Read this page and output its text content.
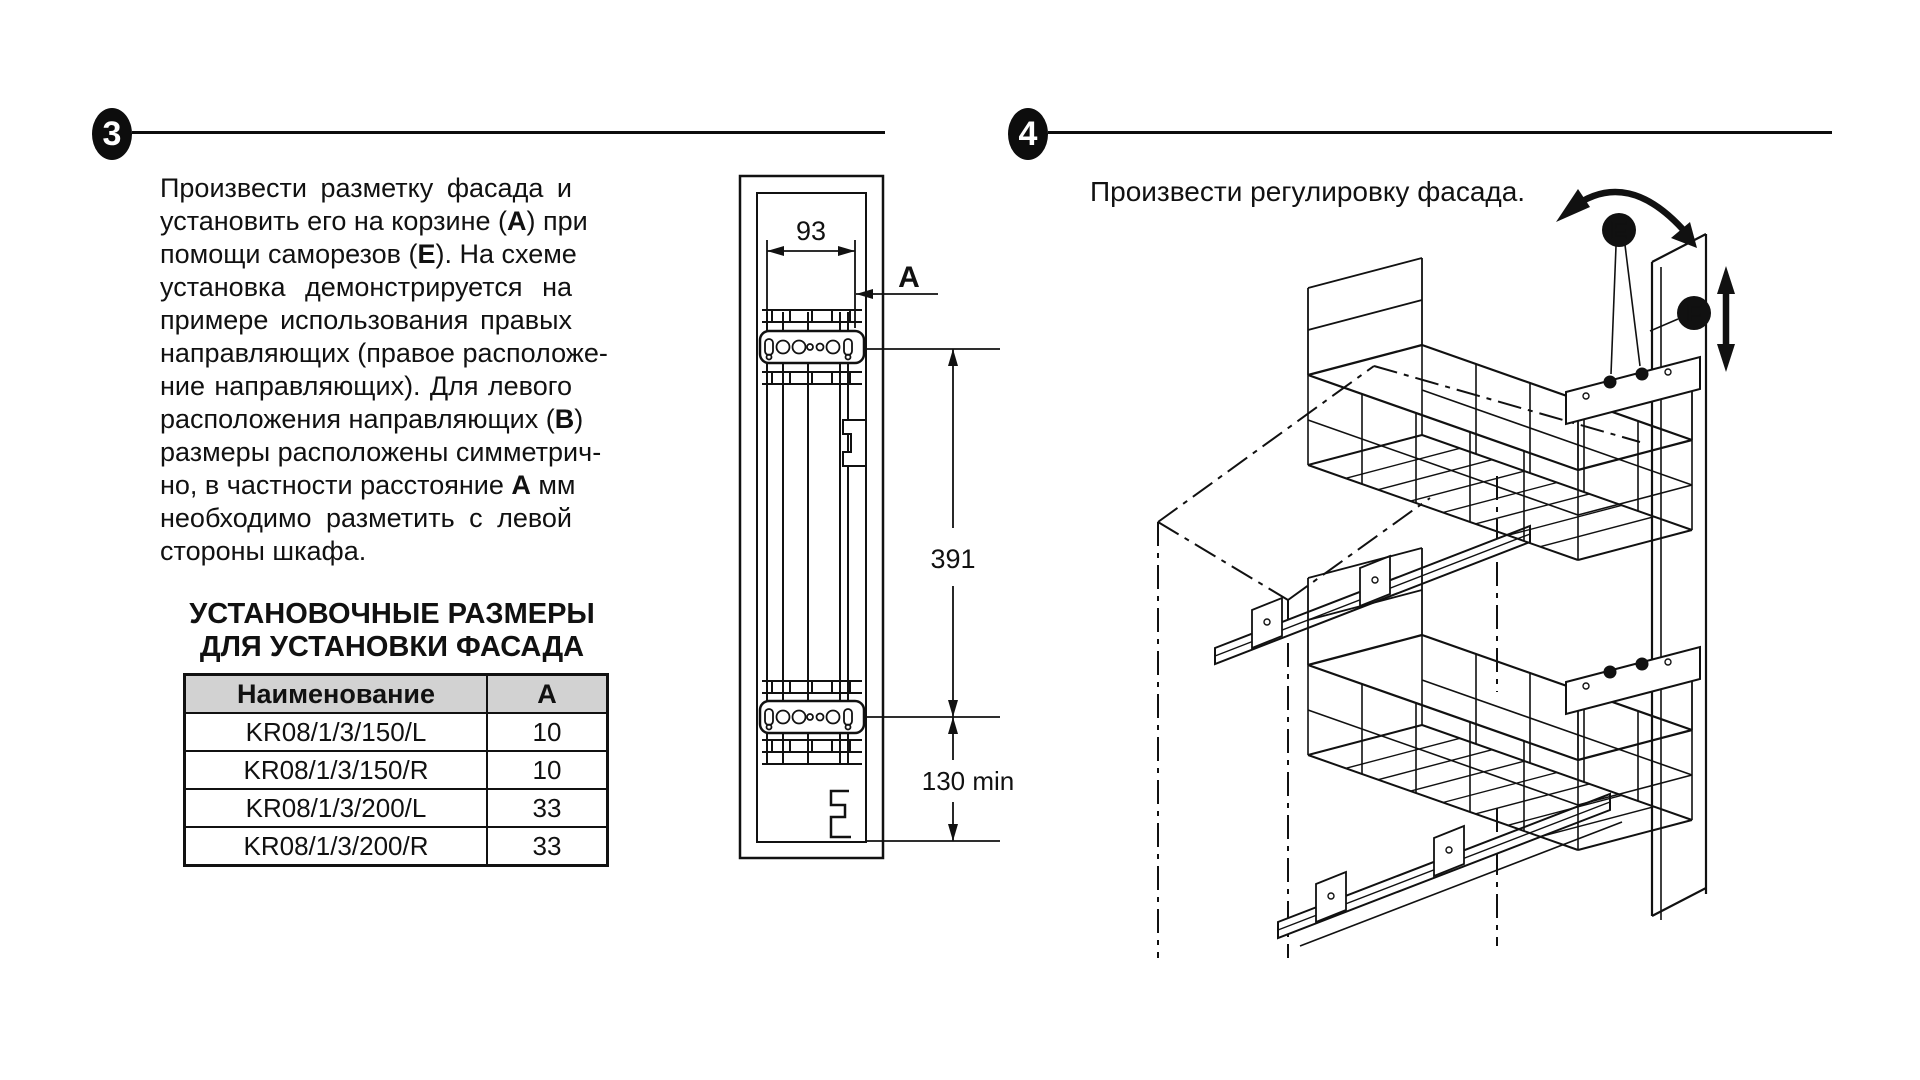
3
Произвести разметку фасада и
установить его на корзине (A) при
помощи саморезов (E). На схеме
установка демонстрируется на
примере использования правых
направляющих (правое расположе-
ние направляющих). Для левого
расположения направляющих (B)
размеры расположены симметрич-
но, в частности расстояние A мм
необходимо разметить с левой
стороны шкафа.
УСТАНОВОЧНЫЕ РАЗМЕРЫ
ДЛЯ УСТАНОВКИ ФАСАДА
Наименование	А
KR08/1/3/150/L	10
KR08/1/3/150/R	10
KR08/1/3/200/L	33
KR08/1/3/200/R	33
93
A
391
130 min
4
Произвести регулировку фасада.
E
F
